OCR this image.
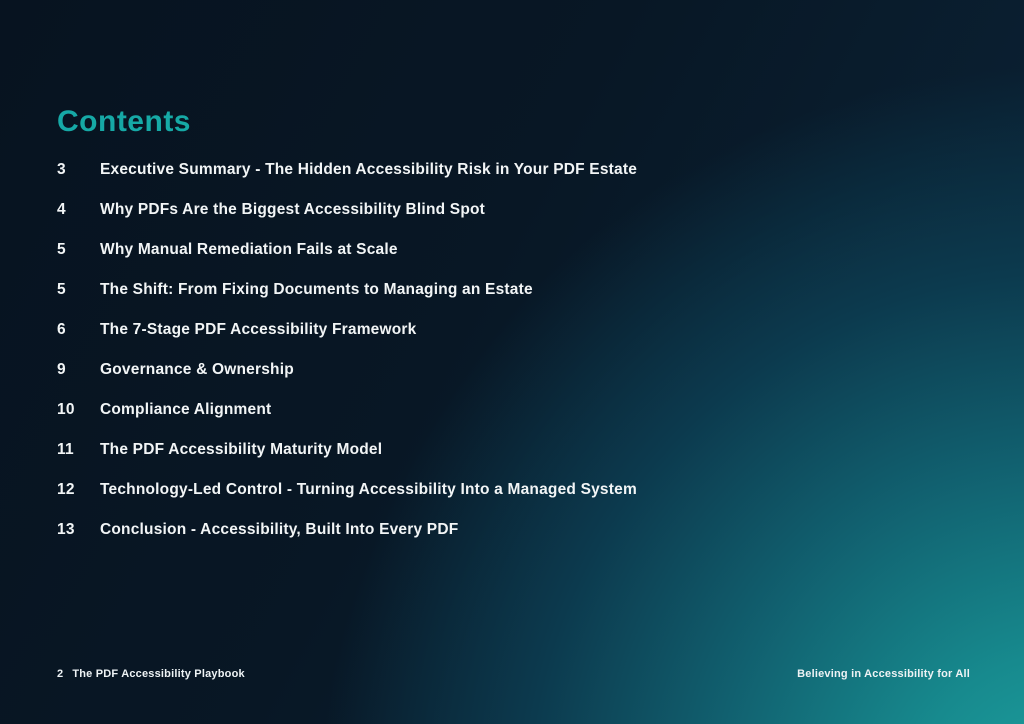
Contents
3	Executive Summary - The Hidden Accessibility Risk in Your PDF Estate
4	Why PDFs Are the Biggest Accessibility Blind Spot
5	Why Manual Remediation Fails at Scale
5	The Shift: From Fixing Documents to Managing an Estate
6	The 7-Stage PDF Accessibility Framework
9	Governance & Ownership
10	Compliance Alignment
11	The PDF Accessibility Maturity Model
12	Technology-Led Control - Turning Accessibility Into a Managed System
13	Conclusion - Accessibility, Built Into Every PDF
2 The PDF Accessibility Playbook	Believing in Accessibility for All
